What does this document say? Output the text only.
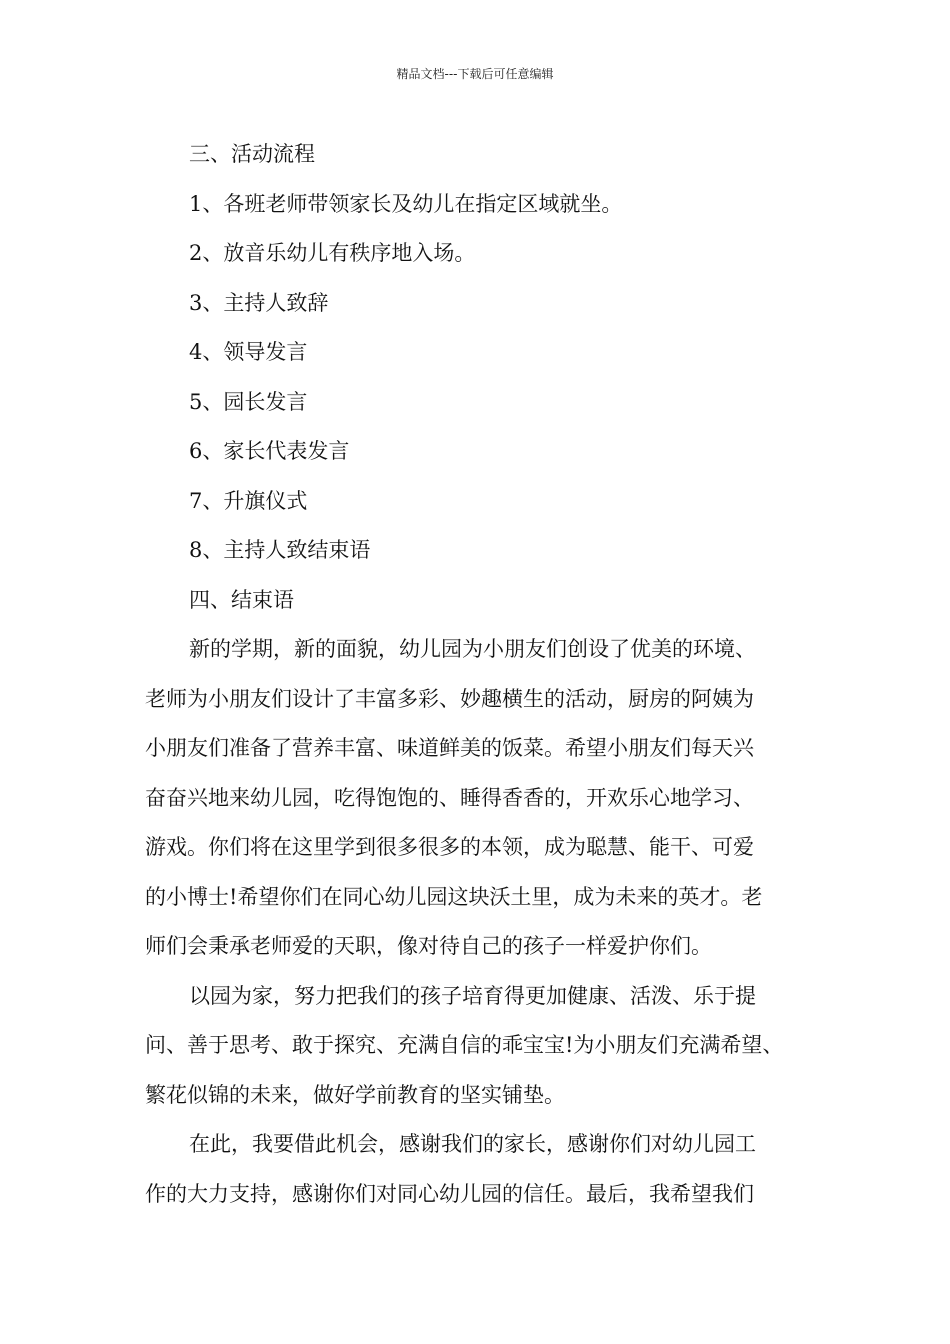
精品文档---下载后可任意编辑

三、活动流程

1、各班老师带领家长及幼儿在指定区域就坐。

2、放音乐幼儿有秩序地入场。

3、主持人致辞

4、领导发言

5、园长发言

6、家长代表发言

7、升旗仪式

8、主持人致结束语

四、结束语

新的学期，新的面貌，幼儿园为小朋友们创设了优美的环境、

老师为小朋友们设计了丰富多彩、妙趣横生的活动，厨房的阿姨为

小朋友们准备了营养丰富、味道鲜美的饭菜。希望小朋友们每天兴

奋奋兴地来幼儿园，吃得饱饱的、睡得香香的，开欢乐心地学习、

游戏。你们将在这里学到很多很多的本领，成为聪慧、能干、可爱

的小博士!希望你们在同心幼儿园这块沃土里，成为未来的英才。老

师们会秉承老师爱的天职，像对待自己的孩子一样爱护你们。

以园为家，努力把我们的孩子培育得更加健康、活泼、乐于提

问、善于思考、敢于探究、充满自信的乖宝宝!为小朋友们充满希望、

繁花似锦的未来，做好学前教育的坚实铺垫。

在此，我要借此机会，感谢我们的家长，感谢你们对幼儿园工

作的大力支持，感谢你们对同心幼儿园的信任。最后，我希望我们
